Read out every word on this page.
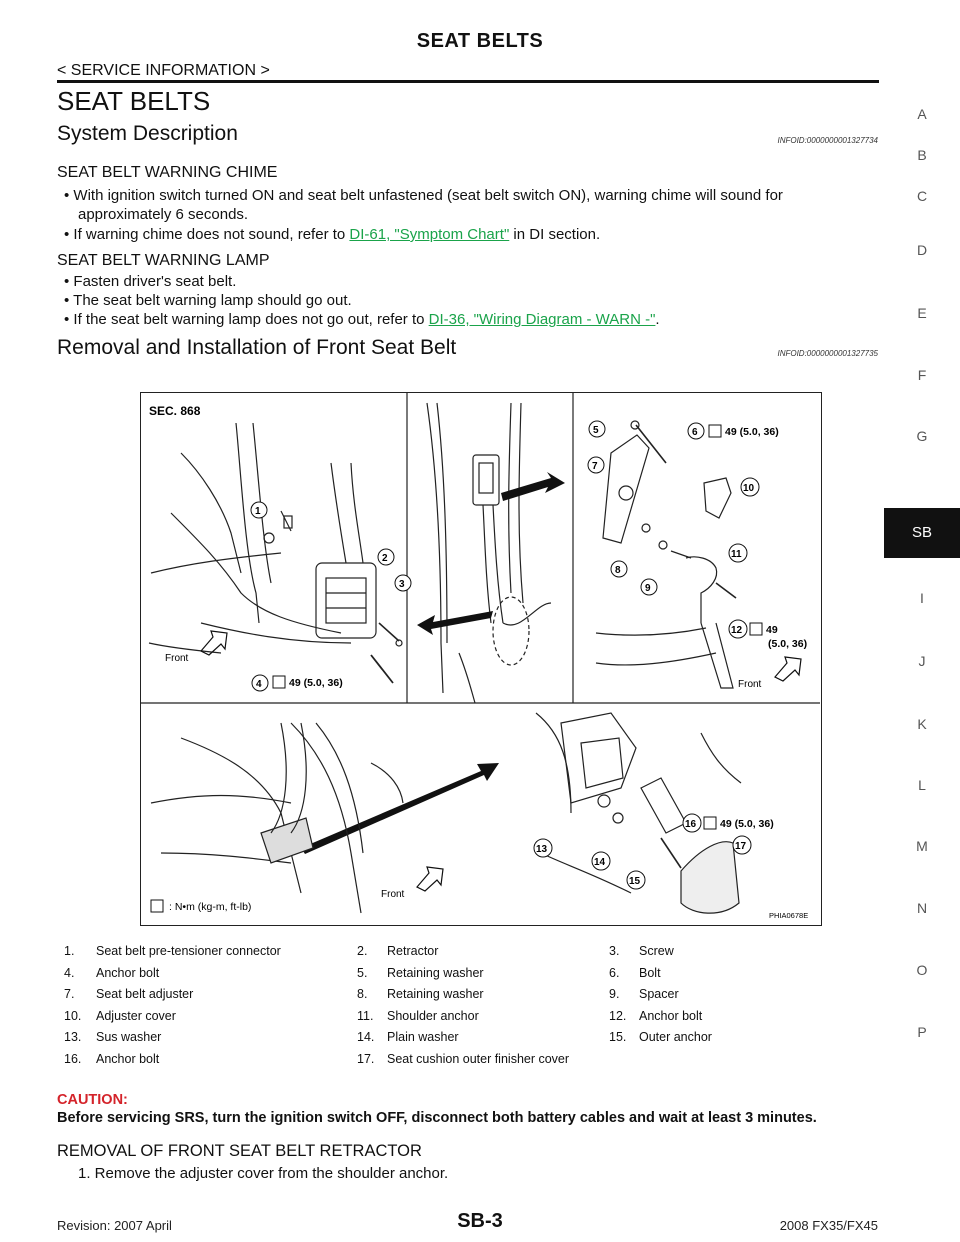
SEAT BELTS
< SERVICE INFORMATION >
SEAT BELTS
System Description	INFOID:0000000001327734
SEAT BELT WARNING CHIME
• With ignition switch turned ON and seat belt unfastened (seat belt switch ON), warning chime will sound for
approximately 6 seconds.
• If warning chime does not sound, refer to DI-61, "Symptom Chart" in DI section.
SEAT BELT WARNING LAMP
• Fasten driver's seat belt.
• The seat belt warning lamp should go out.
• If the seat belt warning lamp does not go out, refer to DI-36, "Wiring Diagram - WARN -".
Removal and Installation of Front Seat Belt	INFOID:0000000001327735
A
B
C
D
E
F
G
SB
I
J
K
L
M
N
O
P
SEC. 868
1
2
3
4
5	6
7
8
9
10
11
12
13
14
15
16
17
49 (5.0, 36)
49 (5.0, 36)
49
(5.0, 36)
49 (5.0, 36)
Front
Front
Front
: N•m (kg-m, ft-lb)
PHIA0678E
1. Seat belt pre-tensioner connector	2. Retractor	3. Screw
4. Anchor bolt	5. Retaining washer	6. Bolt
7. Seat belt adjuster	8. Retaining washer	9. Spacer
10. Adjuster cover	11. Shoulder anchor	12. Anchor bolt
13. Sus washer	14. Plain washer	15. Outer anchor
16. Anchor bolt	17. Seat cushion outer finisher cover
CAUTION:
Before servicing SRS, turn the ignition switch OFF, disconnect both battery cables and wait at least 3 minutes.
REMOVAL OF FRONT SEAT BELT RETRACTOR
1. Remove the adjuster cover from the shoulder anchor.
Revision: 2007 April	SB-3	2008 FX35/FX45
